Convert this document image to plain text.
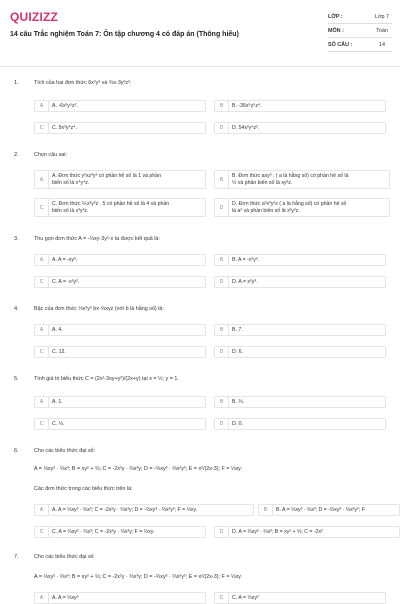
QUIZIZZ
14 câu Trắc nghiệm Toán 7: Ôn tập chương 4 có đáp án (Thông hiểu)
LỚP :	Lớp 7
MÔN :	Toán
SỐ CÂU :	14
1.	Tích của hai đơn thức 6x²y³ và ⅔x-3y²z²:
A	A. -6x³y⁵z².	B	B. -36x⁵y⁵z⁴.
C	C. 9x³y⁴z⁴.	D	D. 54x²y⁵z².
2.	Chọn câu sai:
A
A. Đơn thức y²xz³y³ có phần hệ số là 1 và phần
biến số là x⁴y⁴z.	B
B. Đơn thức axy³ : ( a là hằng số) có phần hệ số là
½ và phần biến số là xy³z.
C
C. Đơn thức ⅖x³y²z . 5 có phần hệ số là 4 và phần
biến số là x³y²z.	D
D. Đơn thức a²x³y²z ( a là hằng số) có phần hệ số
là a² và phần biến số là x³y²z.
3.	Thu gọn đơn thức A = -⅓xy·3y²·x ta được kết quả là:
A	A. A = -xy³.	B	B. A = -x²y³.
C	C. A = -x²y².	D	D. A = x²y³.
4.	Bậc của đơn thức ⅓x²y² bx·⅔xyz (với b là hằng số) là:
A	A. 4.	B	B. 7.
C	C. 12.	D	D. 6.
5.	Tính giá trị biểu thức C = (2x²-3xy+y²)/(2x+y) tại x = ½; y = 1.
A	A. 1.	B	B. ⅓.
C	C. ⅓.	D	D. 0.
6.	Cho các biểu thức đại số:
A = ⅓xy² · ⅔x³; B = xy² + ⅔; C = -2x²y · ⅔x³y; D = -⅔xy³ · ⅔x²y²; E = x²/(2x-3); F = ⅓xy.
Các đơn thức trong các biểu thức trên là:
A	A. A = ⅓xy² · ⅔x³; C = -2x²y · ⅔x³y; D = -⅔xy³ · ⅔x²y²; F = ⅓xy.	B	B. A = ⅓xy² · ⅔x³; D = -⅔xy³ · ⅔x²y²; F
C	C. A = ⅓xy² · ⅔x³; C = -2x²y · ⅔x³y; F = ⅓xy.	D	D. A = ⅓xy² · ⅔x³; B = xy² + ⅔; C = -2x²
7.	Cho các biểu thức đại số
A = ⅓xy² · ⅔x³; B = xy² + ⅔; C = -2x²y · ⅔x³y; D = -⅔xy³ · ⅔x²y²; E = x²/(2x-3); F = ⅓xy.
A	A. A = ⅓xy³	C	C. A = ⅓xy²
